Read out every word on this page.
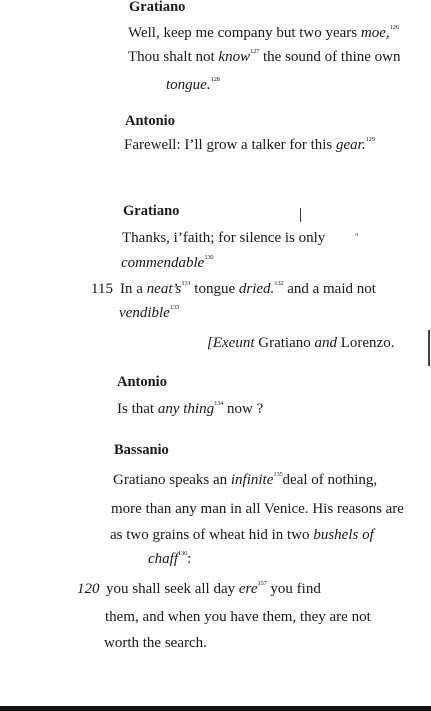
Gratiano
Well, keep me company but two years moe,$^{126}$
Thou shalt not know$^{127}$ the sound of thine own
tongue.$^{128}$
Antonio
Farewell: I’ll grow a talker for this gear.$^{129}$
Gratiano
Thanks, i’faith; for silence is only
commendable$^{130}$
115 In a $neat’s^{131}$ tongue dried.$^{132}$ and a maid not
vendible$^{133}$
[Exeunt Gratiano and Lorenzo.
Antonio
Is that any thing$^{134}$ now ?
Bassanio
Gratiano speaks an infinite$^{135}$deal of nothing,
more than any man in all Venice. His reasons are
as two grains of wheat hid in two bushels of
chaff$^{136}$:
120 you shall seek all day ere$^{137}$ you find
them, and when you have them, they are not
worth the search.
"
